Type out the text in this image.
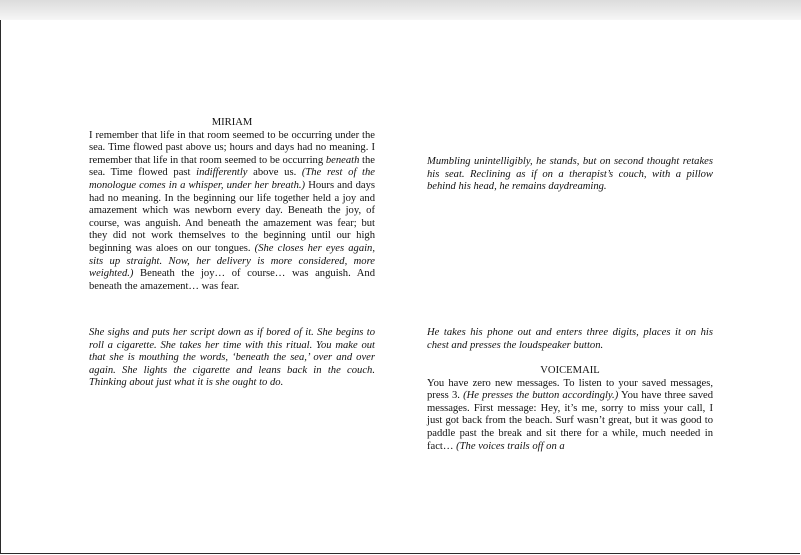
MIRIAM

I remember that life in that room seemed to be occurring under the sea. Time flowed past above us; hours and days had no meaning. I remember that life in that room seemed to be occurring beneath the sea. Time flowed past indifferently above us. (The rest of the monologue comes in a whisper, under her breath.) Hours and days had no meaning. In the beginning our life together held a joy and amazement which was newborn every day. Beneath the joy, of course, was anguish. And beneath the amazement was fear; but they did not work themselves to the beginning until our high beginning was aloes on our tongues. (She closes her eyes again, sits up straight. Now, her delivery is more considered, more weighted.) Beneath the joy… of course… was anguish. And beneath the amazement… was fear.

She sighs and puts her script down as if bored of it. She begins to roll a cigarette. She takes her time with this ritual. You make out that she is mouthing the words, ‘beneath the sea,’ over and over again. She lights the cigarette and leans back in the couch. Thinking about just what it is she ought to do.

Mumbling unintelligibly, he stands, but on second thought retakes his seat. Reclining as if on a therapist’s couch, with a pillow behind his head, he remains daydreaming.

He takes his phone out and enters three digits, places it on his chest and presses the loudspeaker button.

VOICEMAIL

You have zero new messages. To listen to your saved messages, press 3. (He presses the button accordingly.) You have three saved messages. First message: Hey, it’s me, sorry to miss your call, I just got back from the beach. Surf wasn’t great, but it was good to paddle past the break and sit there for a while, much needed in fact… (The voices trails off on a
